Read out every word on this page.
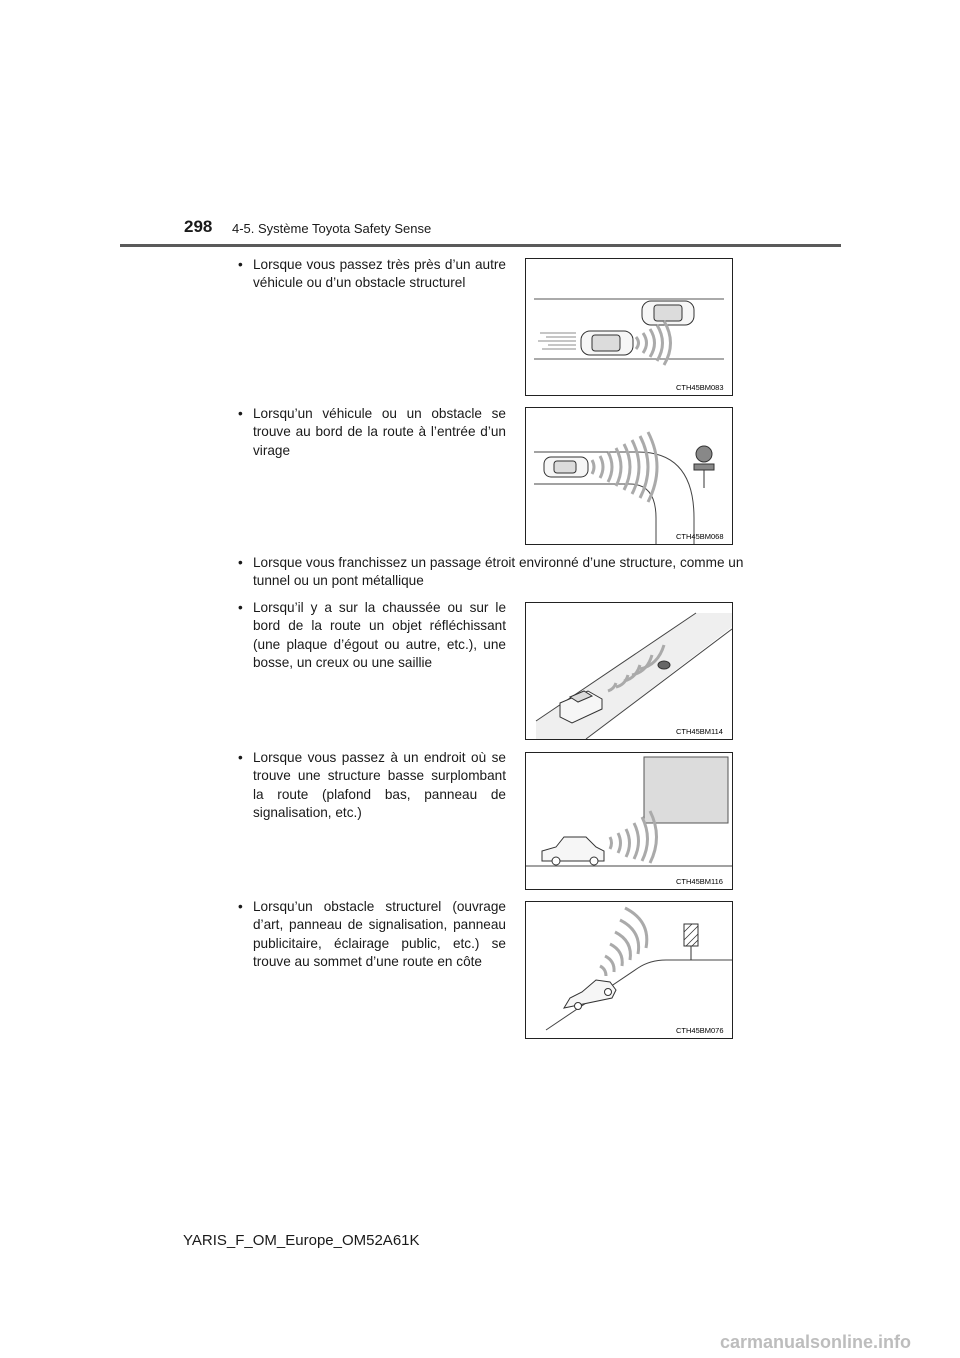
298 4-5. Système Toyota Safety Sense
• Lorsque vous passez très près d’un autre véhicule ou d’un obstacle structurel
CTH45BM083
• Lorsqu’un véhicule ou un obstacle se trouve au bord de la route à l’entrée d’un virage
CTH45BM068
• Lorsque vous franchissez un passage étroit environné d’une structure, comme un tunnel ou un pont métallique
• Lorsqu’il y a sur la chaussée ou sur le bord de la route un objet réfléchissant (une plaque d’égout ou autre, etc.), une bosse, un creux ou une saillie
CTH45BM114
• Lorsque vous passez à un endroit où se trouve une structure basse surplombant la route (plafond bas, panneau de signalisation, etc.)
CTH45BM116
• Lorsqu’un obstacle structurel (ouvrage d’art, panneau de signalisation, panneau publicitaire, éclairage public, etc.) se trouve au sommet d’une route en côte
CTH45BM076
YARIS_F_OM_Europe_OM52A61K
carmanualsonline.info
